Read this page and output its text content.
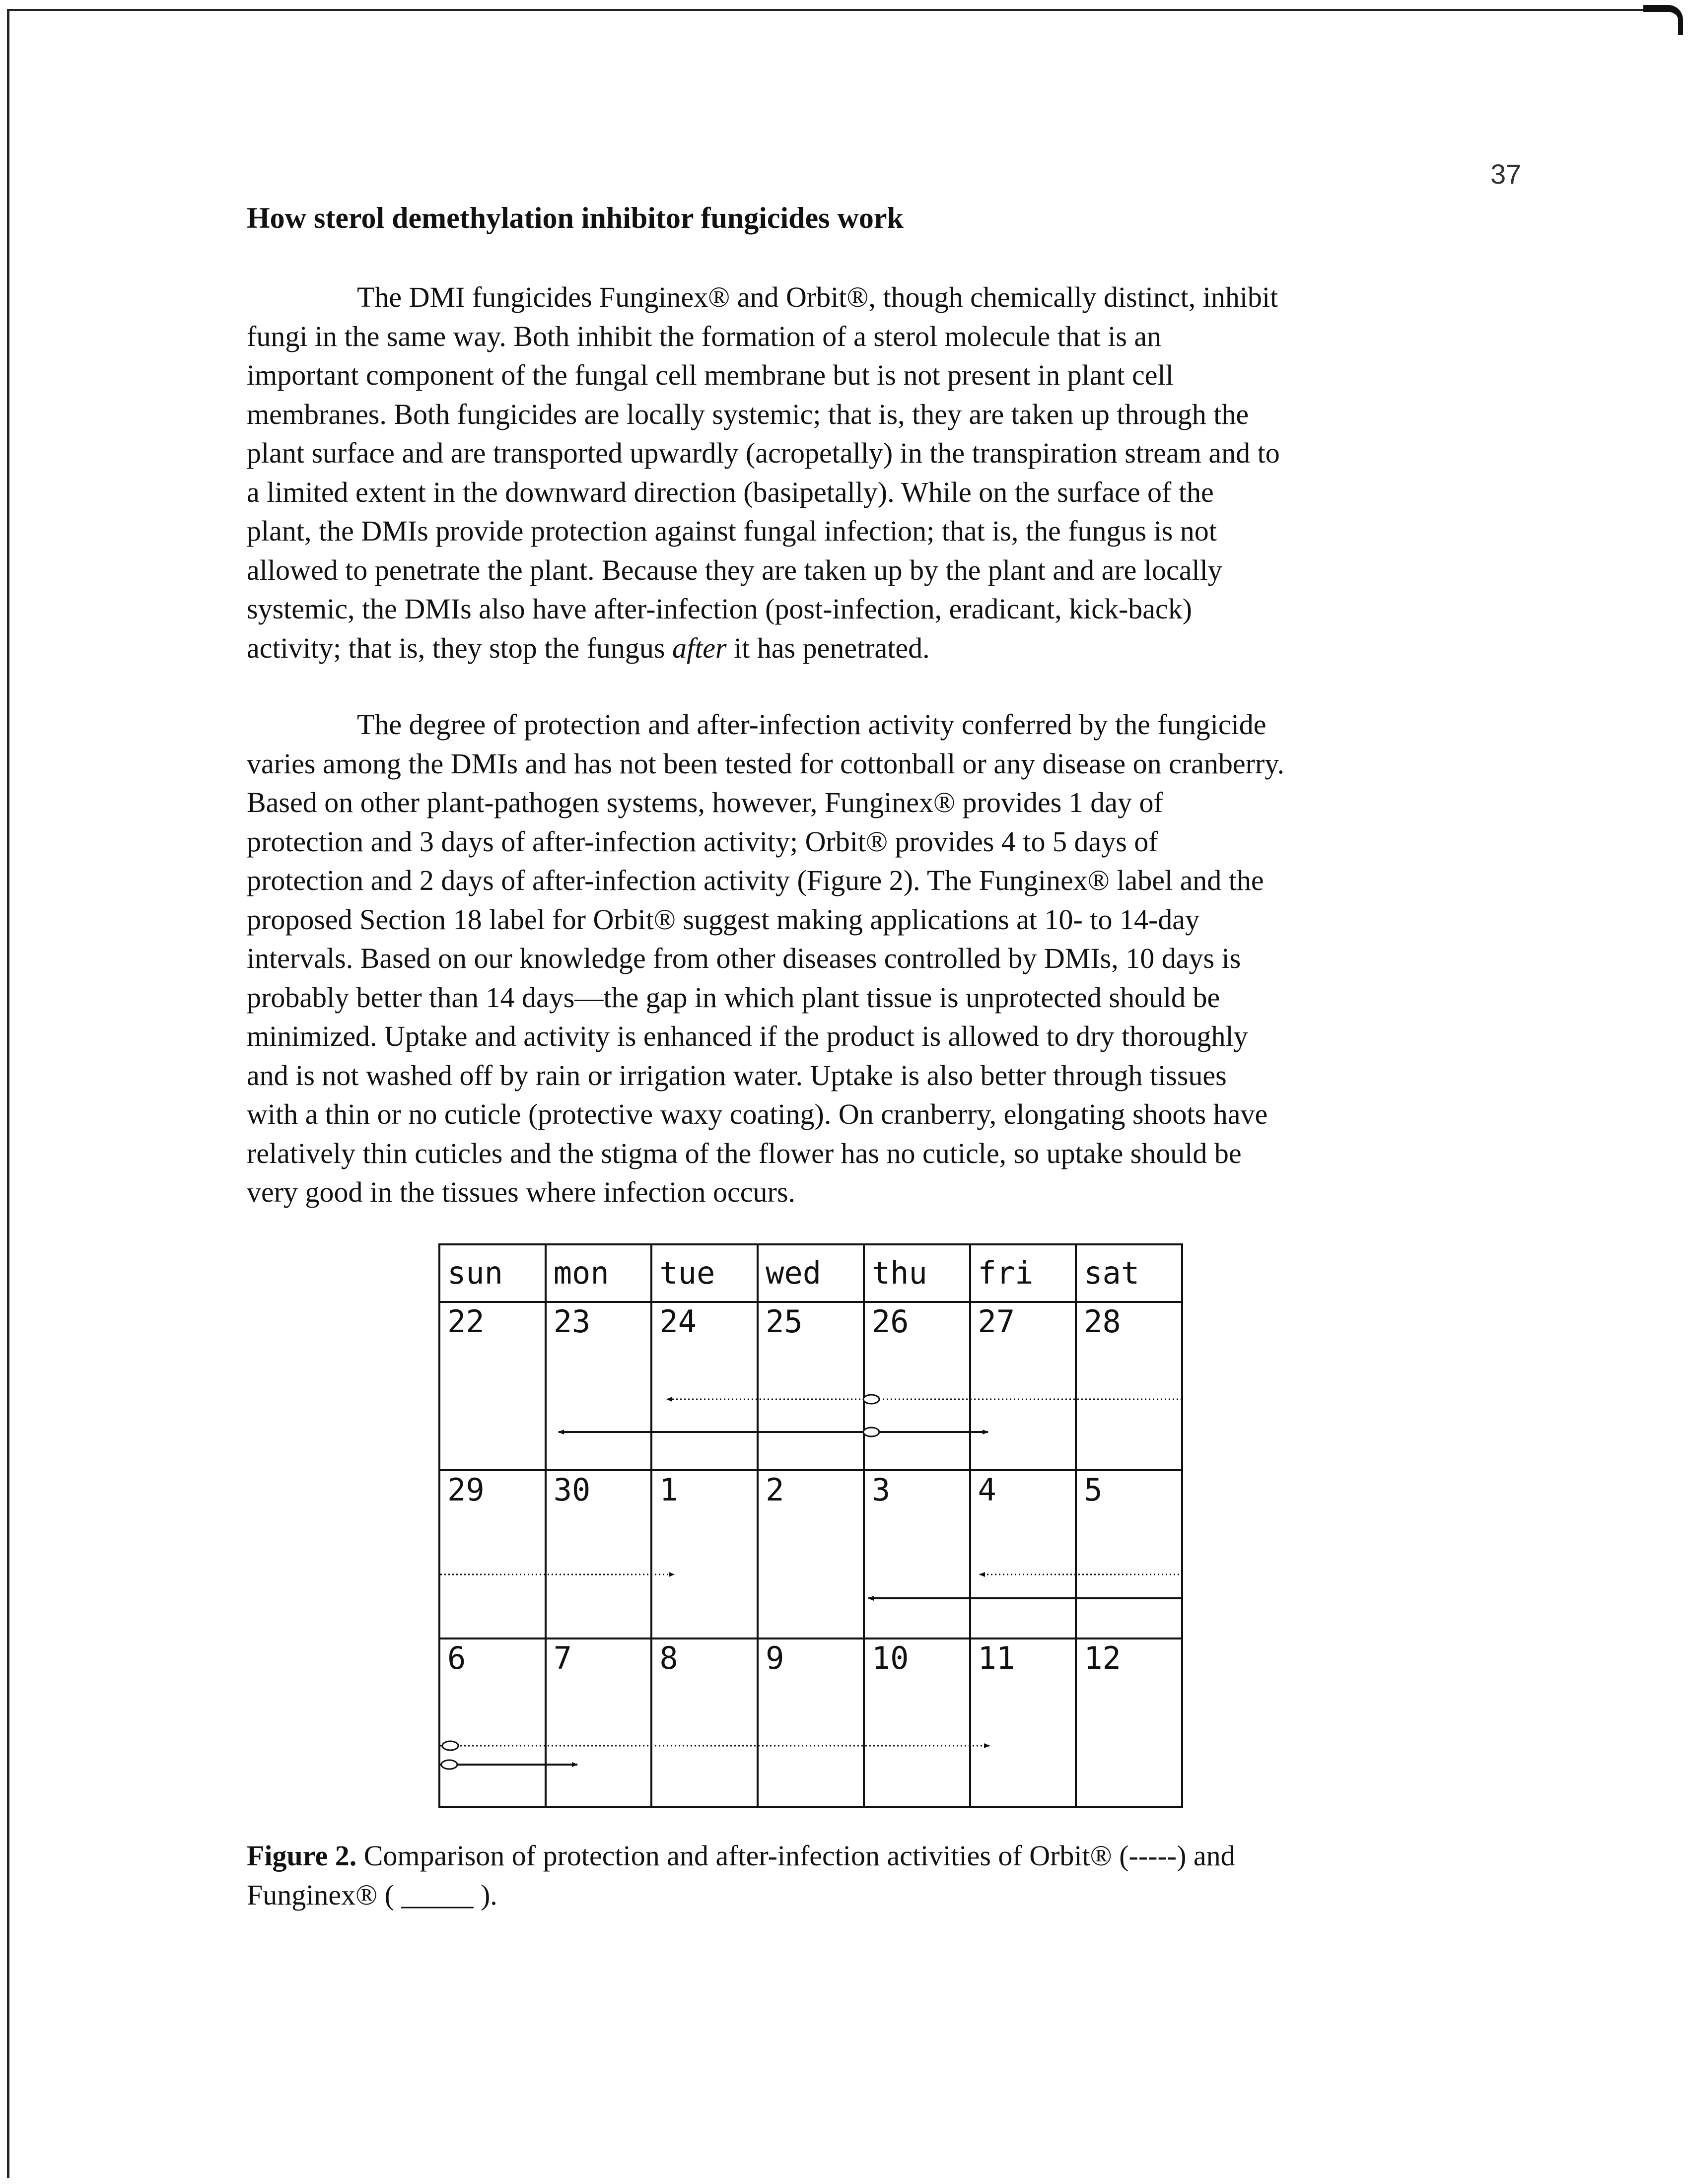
37
How sterol demethylation inhibitor fungicides work
The DMI fungicides Funginex® and Orbit®, though chemically distinct, inhibit
fungi in the same way. Both inhibit the formation of a sterol molecule that is an
important component of the fungal cell membrane but is not present in plant cell
membranes. Both fungicides are locally systemic; that is, they are taken up through the
plant surface and are transported upwardly (acropetally) in the transpiration stream and to
a limited extent in the downward direction (basipetally). While on the surface of the
plant, the DMIs provide protection against fungal infection; that is, the fungus is not
allowed to penetrate the plant. Because they are taken up by the plant and are locally
systemic, the DMIs also have after-infection (post-infection, eradicant, kick-back)
activity; that is, they stop the fungus after it has penetrated.
The degree of protection and after-infection activity conferred by the fungicide
varies among the DMIs and has not been tested for cottonball or any disease on cranberry.
Based on other plant-pathogen systems, however, Funginex® provides 1 day of
protection and 3 days of after-infection activity; Orbit® provides 4 to 5 days of
protection and 2 days of after-infection activity (Figure 2). The Funginex® label and the
proposed Section 18 label for Orbit® suggest making applications at 10- to 14-day
intervals. Based on our knowledge from other diseases controlled by DMIs, 10 days is
probably better than 14 days—the gap in which plant tissue is unprotected should be
minimized. Uptake and activity is enhanced if the product is allowed to dry thoroughly
and is not washed off by rain or irrigation water. Uptake is also better through tissues
with a thin or no cuticle (protective waxy coating). On cranberry, elongating shoots have
relatively thin cuticles and the stigma of the flower has no cuticle, so uptake should be
very good in the tissues where infection occurs.
sun	mon	tue	wed	thu	fri	sat
22	23	24	25	26	27	28
29	30	1	2	3	4	5
6	7	8	9	10	11	12
Figure 2. Comparison of protection and after-infection activities of Orbit® (-----) and
Funginex® ( _____ ).
